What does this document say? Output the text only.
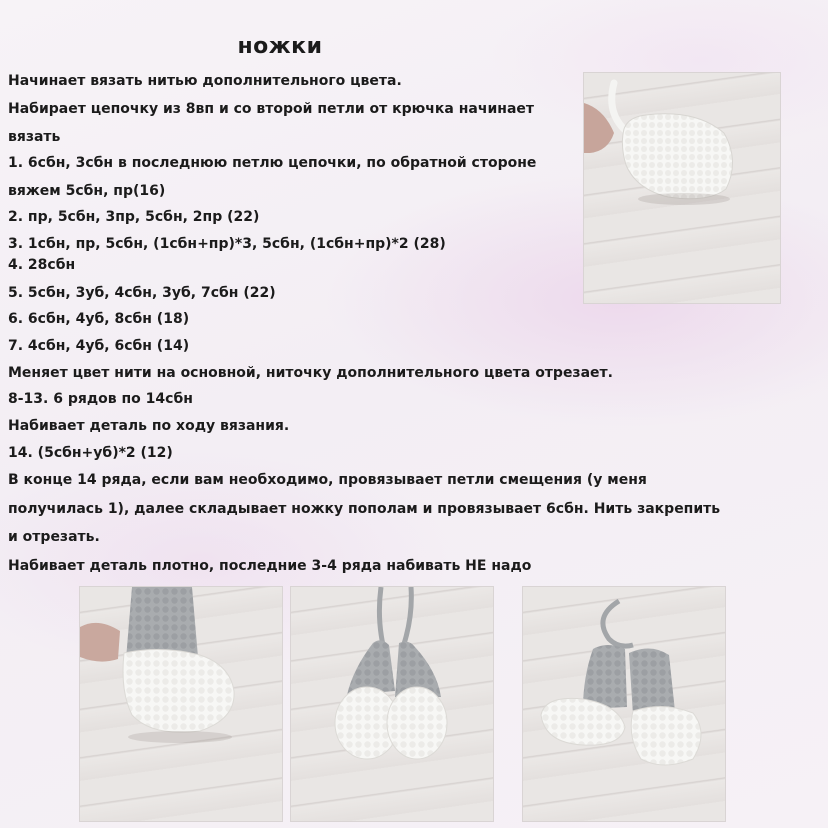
ножки
Начинает вязать нитью дополнительного цвета.
Набирает цепочку из 8вп и со второй петли от крючка начинает
вязать
1. 6сбн, 3сбн в последнюю петлю цепочки, по обратной стороне
вяжем 5сбн, пр(16)
2. пр, 5сбн, 3пр, 5сбн, 2пр (22)
3. 1сбн, пр, 5сбн, (1сбн+пр)*3, 5сбн, (1сбн+пр)*2 (28)
4. 28сбн
5. 5сбн, 3уб, 4сбн, 3уб, 7сбн (22)
6. 6сбн, 4уб, 8сбн (18)
7. 4сбн, 4уб, 6сбн (14)
Меняет цвет нити на основной, ниточку дополнительного цвета отрезает.
8-13. 6 рядов по 14сбн
Набивает деталь по ходу вязания.
14. (5сбн+уб)*2 (12)
В конце 14 ряда, если вам необходимо, провязывает петли смещения (у меня
получилась 1), далее складывает ножку пополам и провязывает 6сбн. Нить закрепить
и отрезать.
Набивает деталь плотно, последние 3-4 ряда набивать НЕ надо
